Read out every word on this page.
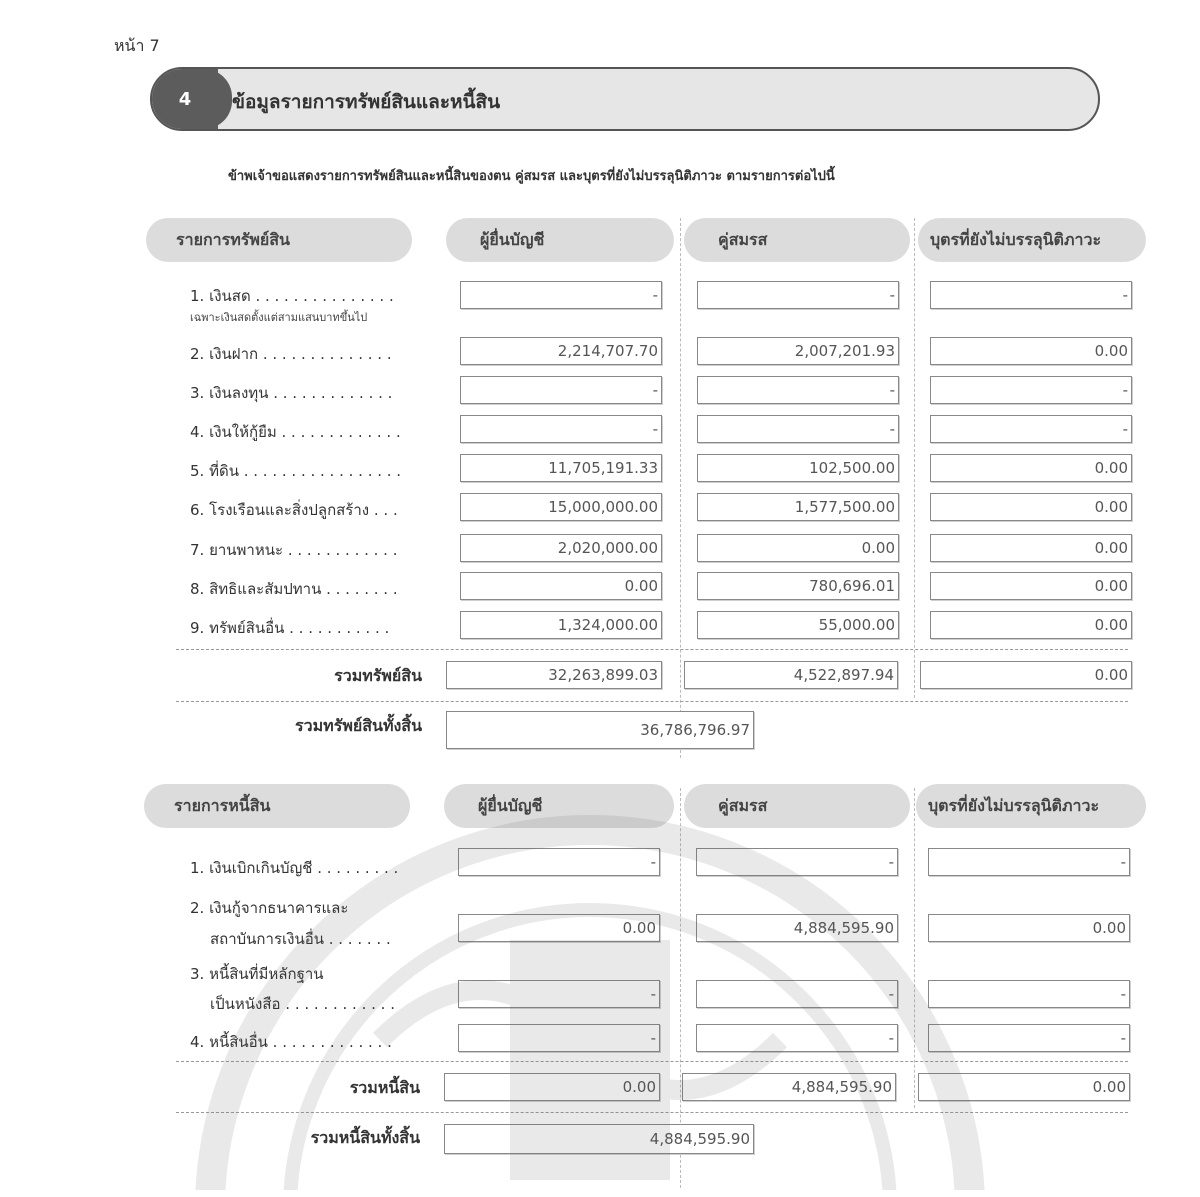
หน้า 7
4 ข้อมูลรายการทรัพย์สินและหนี้สิน
ข้าพเจ้าขอแสดงรายการทรัพย์สินและหนี้สินของตน คู่สมรส และบุตรที่ยังไม่บรรลุนิติภาวะ ตามรายการต่อไปนี้
รายการทรัพย์สิน	ผู้ยื่นบัญชี	คู่สมรส	บุตรที่ยังไม่บรรลุนิติภาวะ
1. เงินสด . . . . . . . . . . . . . . .
เฉพาะเงินสดตั้งแต่สามแสนบาทขึ้นไป
-	-	-
2. เงินฝาก . . . . . . . . . . . . . .	2,214,707.70	2,007,201.93	0.00
3. เงินลงทุน . . . . . . . . . . . . .	-	-	-
4. เงินให้กู้ยืม . . . . . . . . . . . . .	-	-	-
5. ที่ดิน . . . . . . . . . . . . . . . . .	11,705,191.33	102,500.00	0.00
6. โรงเรือนและสิ่งปลูกสร้าง . . .	15,000,000.00	1,577,500.00	0.00
7. ยานพาหนะ . . . . . . . . . . . .	2,020,000.00	0.00	0.00
8. สิทธิและสัมปทาน . . . . . . . .	0.00	780,696.01	0.00
9. ทรัพย์สินอื่น . . . . . . . . . . .	1,324,000.00	55,000.00	0.00
รวมทรัพย์สิน	32,263,899.03	4,522,897.94	0.00
รวมทรัพย์สินทั้งสิ้น	36,786,796.97
รายการหนี้สิน	ผู้ยื่นบัญชี	คู่สมรส	บุตรที่ยังไม่บรรลุนิติภาวะ
1. เงินเบิกเกินบัญชี . . . . . . . . .	-	-	-
2. เงินกู้จากธนาคารและ
สถาบันการเงินอื่น . . . . . . .
0.00	4,884,595.90	0.00
3. หนี้สินที่มีหลักฐาน
เป็นหนังสือ . . . . . . . . . . . .
-	-	-
4. หนี้สินอื่น . . . . . . . . . . . . .	-	-	-
รวมหนี้สิน	0.00	4,884,595.90	0.00
รวมหนี้สินทั้งสิ้น	4,884,595.90
